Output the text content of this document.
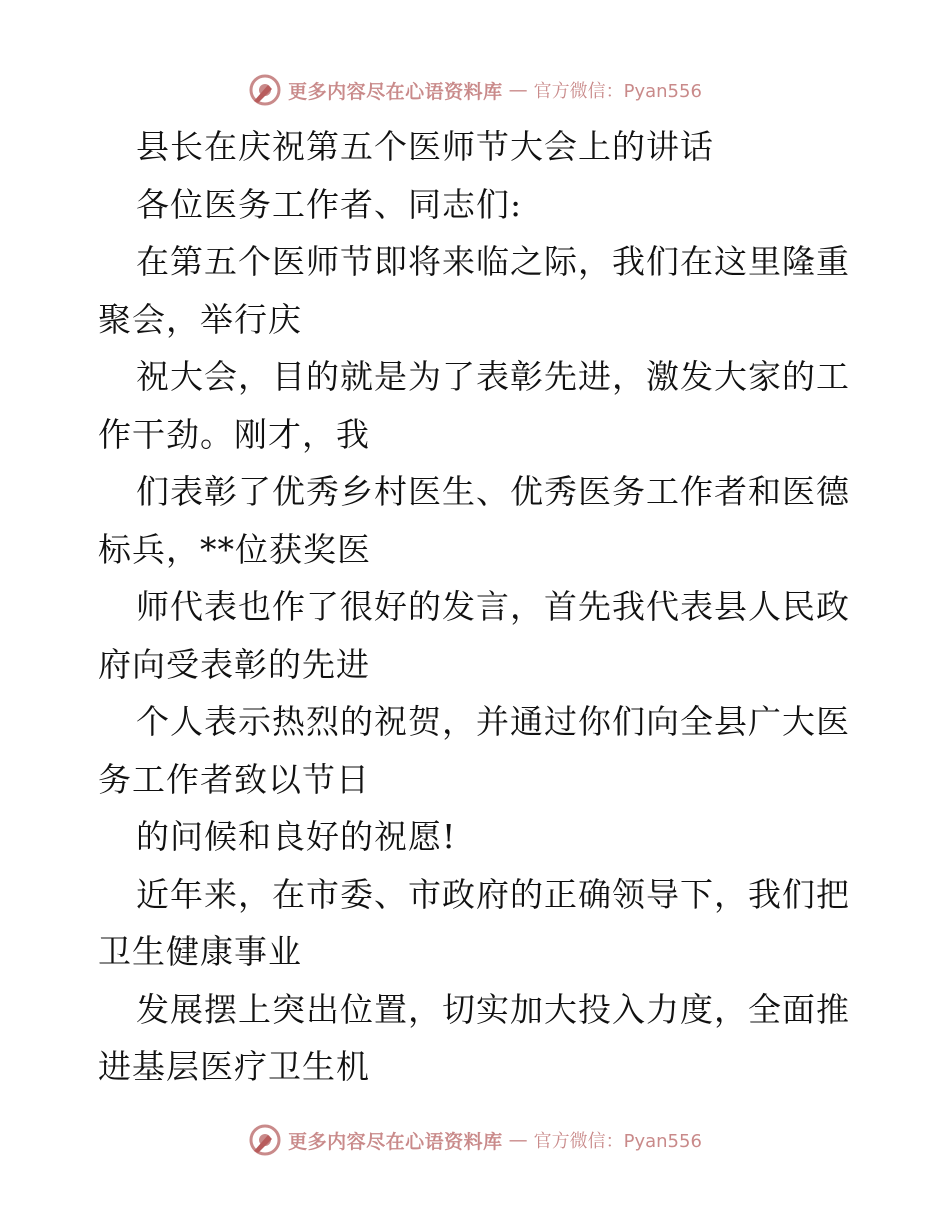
更多内容尽在心语资料库 — 官方微信：Pyan556
县长在庆祝第五个医师节大会上的讲话
各位医务工作者、同志们:
在第五个医师节即将来临之际，我们在这里隆重
聚会，举行庆
祝大会，目的就是为了表彰先进，激发大家的工
作干劲。刚才，我
们表彰了优秀乡村医生、优秀医务工作者和医德
标兵，**位获奖医
师代表也作了很好的发言，首先我代表县人民政
府向受表彰的先进
个人表示热烈的祝贺，并通过你们向全县广大医
务工作者致以节日
的问候和良好的祝愿!
近年来，在市委、市政府的正确领导下，我们把
卫生健康事业
发展摆上突出位置，切实加大投入力度，全面推
进基层医疗卫生机
更多内容尽在心语资料库 — 官方微信：Pyan556
